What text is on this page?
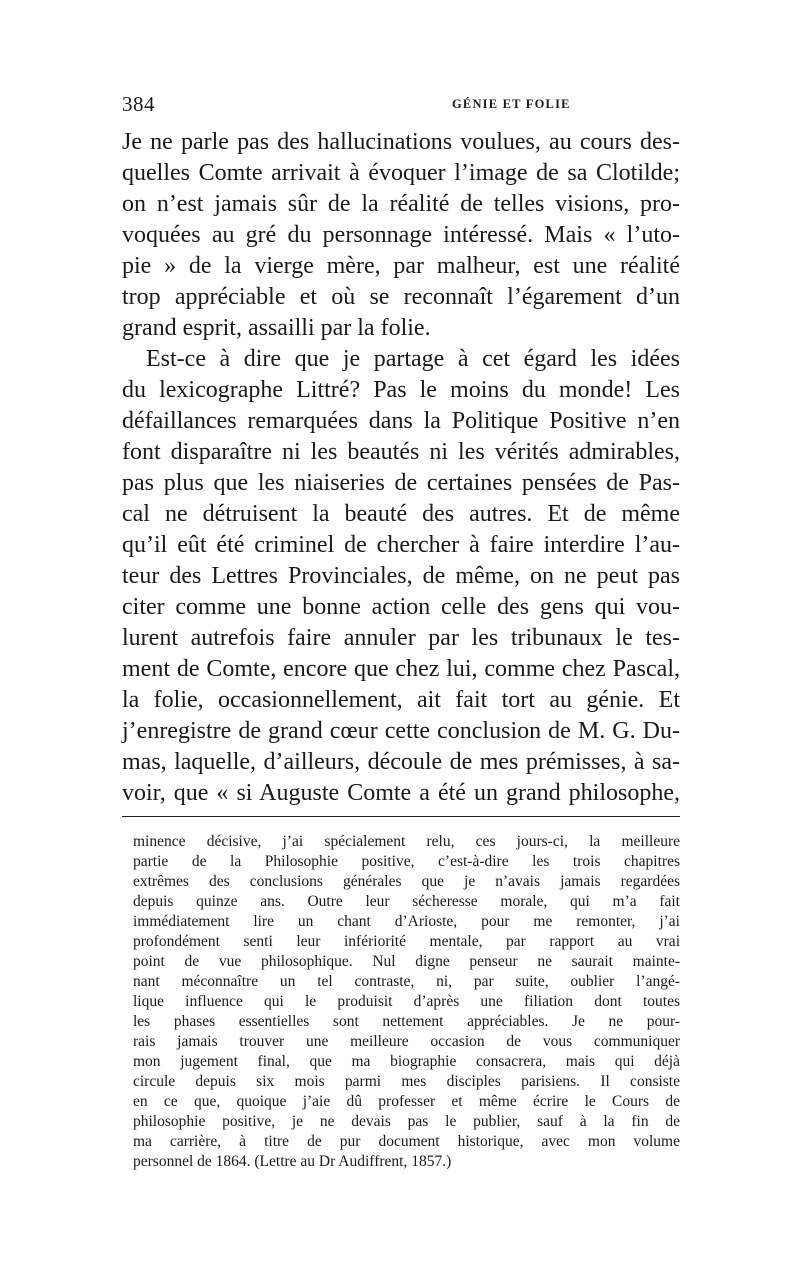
384	GÉNIE ET FOLIE
Je ne parle pas des hallucinations voulues, au cours des-
quelles Comte arrivait à évoquer l’image de sa Clotilde;
on n’est jamais sûr de la réalité de telles visions, pro-
voquées au gré du personnage intéressé. Mais « l’uto-
pie » de la vierge mère, par malheur, est une réalité
trop appréciable et où se reconnaît l’égarement d’un
grand esprit, assailli par la folie.
Est-ce à dire que je partage à cet égard les idées
du lexicographe Littré? Pas le moins du monde! Les
défaillances remarquées dans la Politique Positive n’en
font disparaître ni les beautés ni les vérités admirables,
pas plus que les niaiseries de certaines pensées de Pas-
cal ne détruisent la beauté des autres. Et de même
qu’il eût été criminel de chercher à faire interdire l’au-
teur des Lettres Provinciales, de même, on ne peut pas
citer comme une bonne action celle des gens qui vou-
lurent autrefois faire annuler par les tribunaux le tes-
ment de Comte, encore que chez lui, comme chez Pascal,
la folie, occasionnellement, ait fait tort au génie. Et
j’enregistre de grand cœur cette conclusion de M. G. Du-
mas, laquelle, d’ailleurs, découle de mes prémisses, à sa-
voir, que « si Auguste Comte a été un grand philosophe,
minence décisive, j’ai spécialement relu, ces jours-ci, la meilleure
partie de la Philosophie positive, c’est-à-dire les trois chapitres
extrêmes des conclusions générales que je n’avais jamais regardées
depuis quinze ans. Outre leur sécheresse morale, qui m’a fait
immédiatement lire un chant d’Arioste, pour me remonter, j’ai
profondément senti leur infériorité mentale, par rapport au vrai
point de vue philosophique. Nul digne penseur ne saurait mainte-
nant méconnaître un tel contraste, ni, par suite, oublier l’angé-
lique influence qui le produisit d’après une filiation dont toutes
les phases essentielles sont nettement appréciables. Je ne pour-
rais jamais trouver une meilleure occasion de vous communiquer
mon jugement final, que ma biographie consacrera, mais qui déjà
circule depuis six mois parmi mes disciples parisiens. Il consiste
en ce que, quoique j’aie dû professer et même écrire le Cours de
philosophie positive, je ne devais pas le publier, sauf à la fin de
ma carrière, à titre de pur document historique, avec mon volume
personnel de 1864. (Lettre au Dr Audiffrent, 1857.)
